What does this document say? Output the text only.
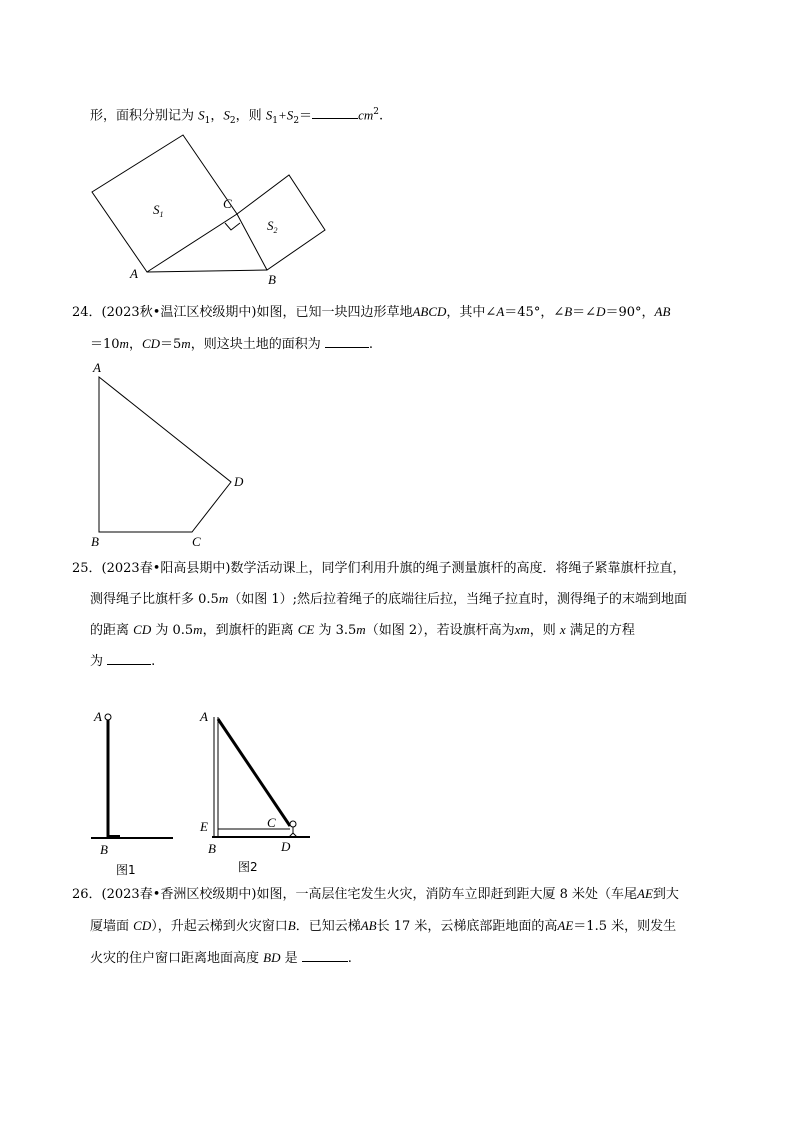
形，面积分别记为 $S_1$，$S_2$，则 $S_1+S_2=$	$cm^2$.
$S_1$
$S_2$
C
A	B
24．(2023秋•温江区校级期中)如图，已知一块四边形草地ABCD，其中∠A＝45°，∠B＝∠D＝90°，AB
＝10m，CD＝5m，则这块土地的面积为	.
A
B	C
D
25．(2023春•阳高县期中)数学活动课上，同学们利用升旗的绳子测量旗杆的高度．将绳子紧靠旗杆拉直，
测得绳子比旗杆多 0.5m（如图 1）;然后拉着绳子的底端往后拉，当绳子拉直时，测得绳子的末端到地面
的距离 CD 为 0.5m，到旗杆的距离 CE 为 3.5m（如图 2），若设旗杆高为xm，则 x 满足的方程
为	.
A
B
图1
A
E	C
B	D
图2
26．(2023春•香洲区校级期中)如图，一高层住宅发生火灾，消防车立即赶到距大厦 8 米处（车尾AE到大
厦墙面 CD），升起云梯到火灾窗口B．已知云梯AB长 17 米，云梯底部距地面的高AE＝1.5 米，则发生
火灾的住户窗口距离地面高度 BD 是	.
